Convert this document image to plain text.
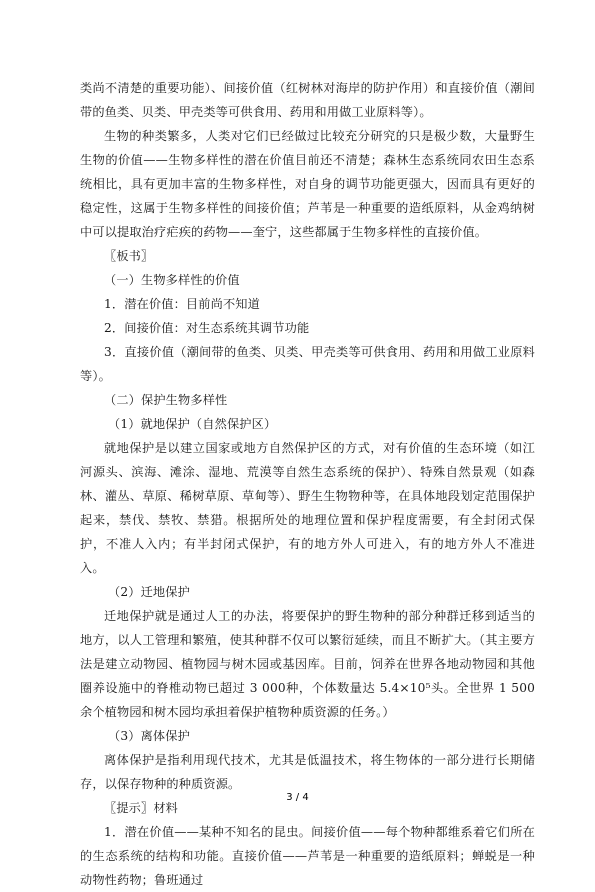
类尚不清楚的重要功能）、间接价值（红树林对海岸的防护作用）和直接价值（潮间带的鱼类、贝类、甲壳类等可供食用、药用和用做工业原料等）。

生物的种类繁多，人类对它们已经做过比较充分研究的只是极少数，大量野生生物的价值——生物多样性的潜在价值目前还不清楚；森林生态系统同农田生态系统相比，具有更加丰富的生物多样性，对自身的调节功能更强大，因而具有更好的稳定性，这属于生物多样性的间接价值；芦苇是一种重要的造纸原料，从金鸡纳树中可以提取治疗疟疾的药物——奎宁，这些都属于生物多样性的直接价值。

〖板书〗

（一）生物多样性的价值

1．潜在价值：目前尚不知道

2．间接价值：对生态系统其调节功能

3．直接价值（潮间带的鱼类、贝类、甲壳类等可供食用、药用和用做工业原料等）。

（二）保护生物多样性

（1）就地保护（自然保护区）

就地保护是以建立国家或地方自然保护区的方式，对有价值的生态环境（如江河源头、滨海、滩涂、湿地、荒漠等自然生态系统的保护）、特殊自然景观（如森林、灌丛、草原、稀树草原、草甸等）、野生生物物种等，在具体地段划定范围保护起来，禁伐、禁牧、禁猎。根据所处的地理位置和保护程度需要，有全封闭式保护，不准人入内；有半封闭式保护，有的地方外人可进入，有的地方外人不准进入。

（2）迁地保护

迁地保护就是通过人工的办法，将要保护的野生物种的部分种群迁移到适当的地方，以人工管理和繁殖，使其种群不仅可以繁衍延续，而且不断扩大。（其主要方法是建立动物园、植物园与树木园或基因库。目前，饲养在世界各地动物园和其他圈养设施中的脊椎动物已超过 3 000种，个体数量达 5.4×10⁵头。全世界 1 500 余个植物园和树木园均承担着保护植物种质资源的任务。）

（3）离体保护

离体保护是指利用现代技术，尤其是低温技术，将生物体的一部分进行长期储存，以保存物种的种质资源。

〖提示〗材料

1．潜在价值——某种不知名的昆虫。间接价值——每个物种都维系着它们所在的生态系统的结构和功能。直接价值——芦苇是一种重要的造纸原料；蝉蜕是一种动物性药物；鲁班通过

3 / 4
